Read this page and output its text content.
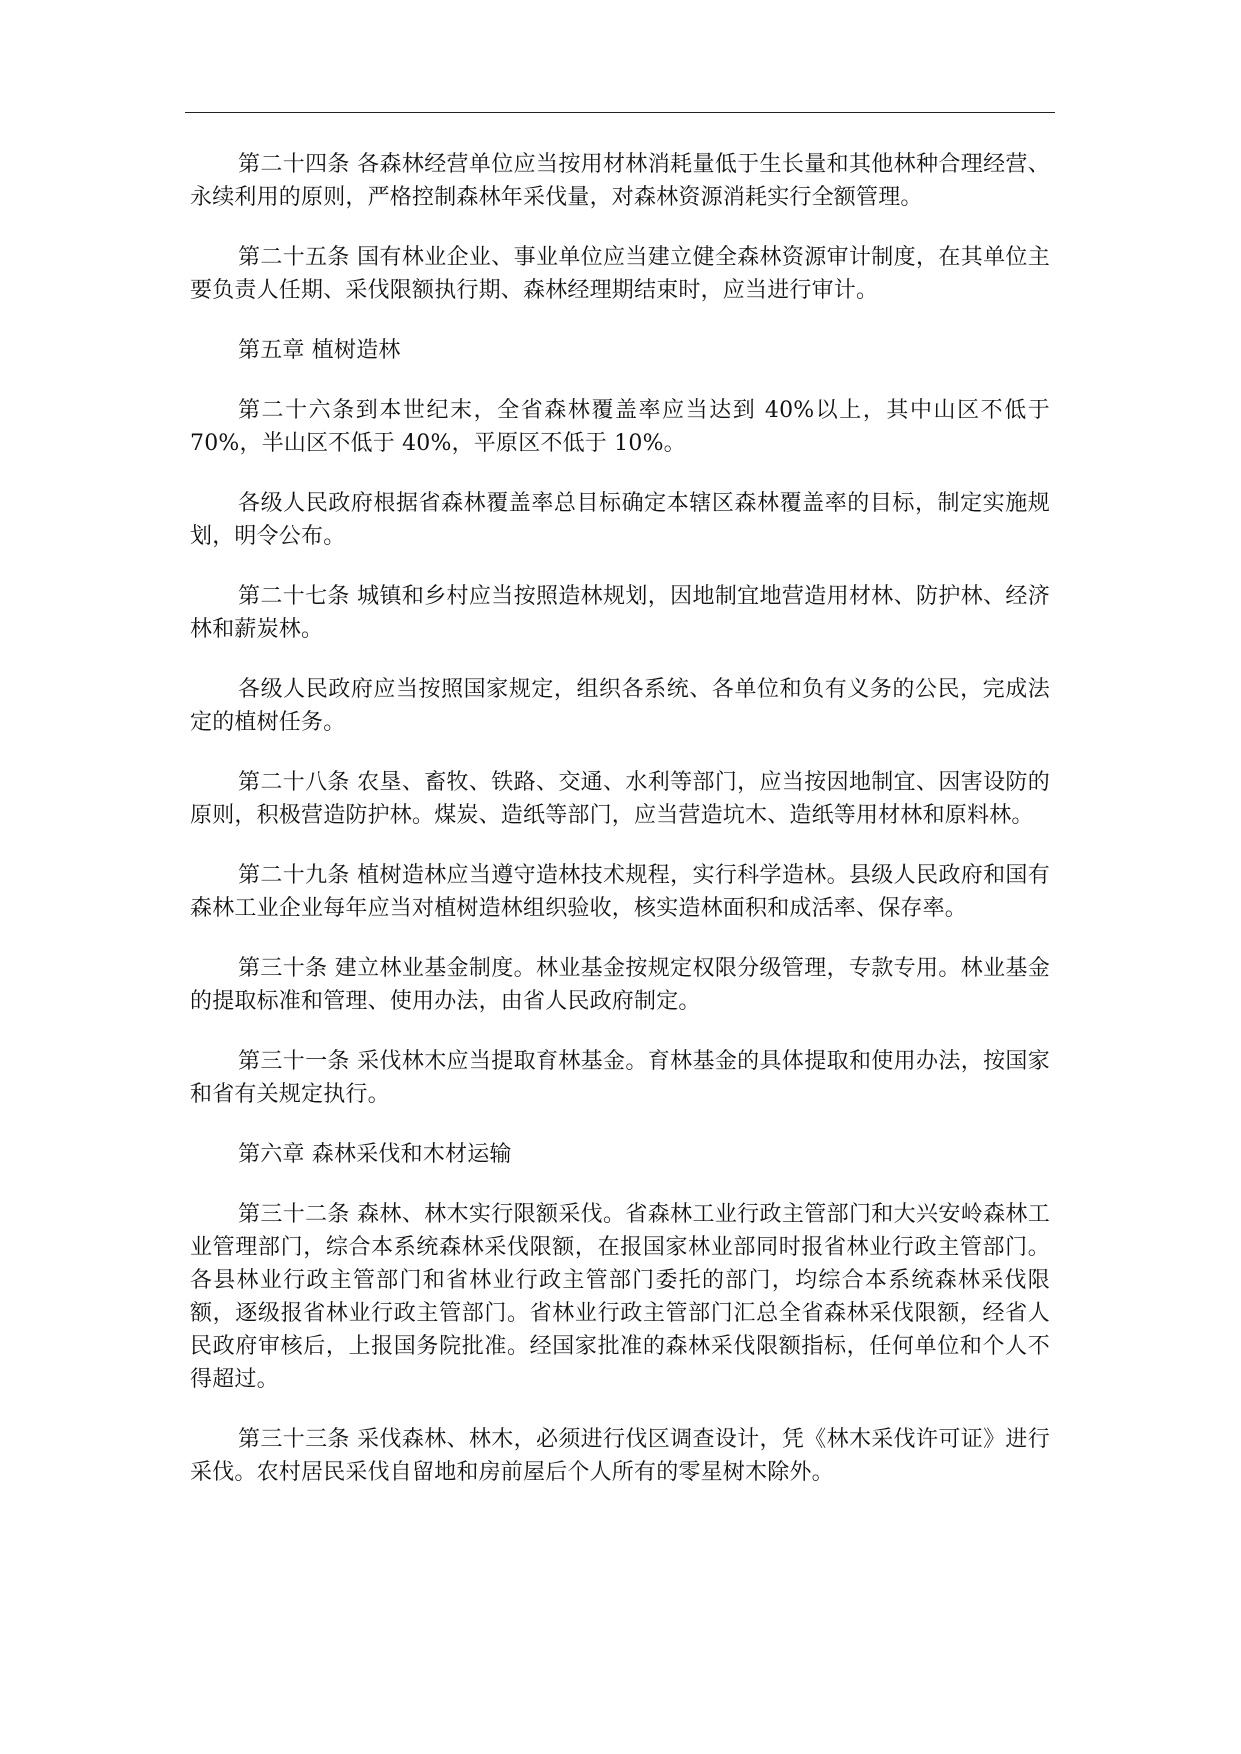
第二十四条 各森林经营单位应当按用材林消耗量低于生长量和其他林种合理经营、永续利用的原则，严格控制森林年采伐量，对森林资源消耗实行全额管理。

第二十五条 国有林业企业、事业单位应当建立健全森林资源审计制度，在其单位主要负责人任期、采伐限额执行期、森林经理期结束时，应当进行审计。

第五章 植树造林

第二十六条到本世纪末，全省森林覆盖率应当达到 40%以上，其中山区不低于 70%，半山区不低于 40%，平原区不低于 10%。

各级人民政府根据省森林覆盖率总目标确定本辖区森林覆盖率的目标，制定实施规划，明令公布。

第二十七条 城镇和乡村应当按照造林规划，因地制宜地营造用材林、防护林、经济林和薪炭林。

各级人民政府应当按照国家规定，组织各系统、各单位和负有义务的公民，完成法定的植树任务。

第二十八条 农垦、畜牧、铁路、交通、水利等部门，应当按因地制宜、因害设防的原则，积极营造防护林。煤炭、造纸等部门，应当营造坑木、造纸等用材林和原料林。

第二十九条 植树造林应当遵守造林技术规程，实行科学造林。县级人民政府和国有森林工业企业每年应当对植树造林组织验收，核实造林面积和成活率、保存率。

第三十条 建立林业基金制度。林业基金按规定权限分级管理，专款专用。林业基金的提取标准和管理、使用办法，由省人民政府制定。

第三十一条 采伐林木应当提取育林基金。育林基金的具体提取和使用办法，按国家和省有关规定执行。

第六章 森林采伐和木材运输

第三十二条 森林、林木实行限额采伐。省森林工业行政主管部门和大兴安岭森林工业管理部门，综合本系统森林采伐限额，在报国家林业部同时报省林业行政主管部门。各县林业行政主管部门和省林业行政主管部门委托的部门，均综合本系统森林采伐限额，逐级报省林业行政主管部门。省林业行政主管部门汇总全省森林采伐限额，经省人民政府审核后，上报国务院批准。经国家批准的森林采伐限额指标，任何单位和个人不得超过。

第三十三条 采伐森林、林木，必须进行伐区调查设计，凭《林木采伐许可证》进行采伐。农村居民采伐自留地和房前屋后个人所有的零星树木除外。
